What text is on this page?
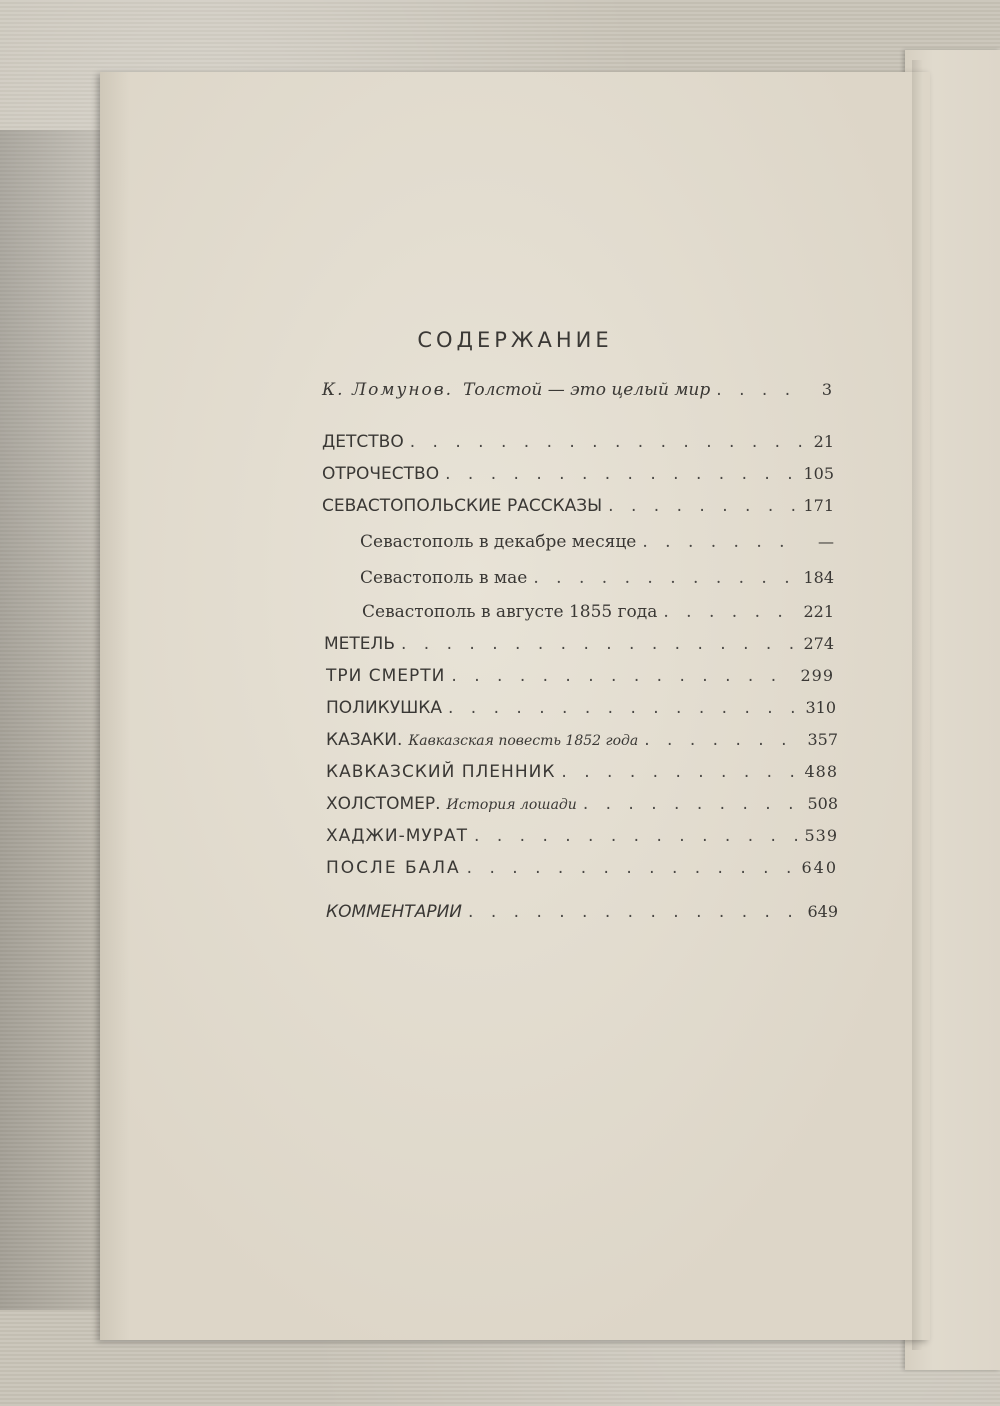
СОДЕРЖАНИЕ
К. Ломунов. Толстой — это целый мир . . .	3
ДЕТСТВО . . .	21
ОТРОЧЕСТВО . . .	105
СЕВАСТОПОЛЬСКИЕ РАССКАЗЫ . . .	171
Севастополь в декабре месяце . . .	—
Севастополь в мае . . .	184
Севастополь в августе 1855 года . . .	221
МЕТЕЛЬ . . .	274
ТРИ СМЕРТИ . . .	299
ПОЛИКУШКА . . .	310
КАЗАКИ. Кавказская повесть 1852 года . . .	357
КАВКАЗСКИЙ ПЛЕННИК . . .	488
ХОЛСТОМЕР. История лошади . . .	508
ХАДЖИ-МУРАТ . . .	539
ПОСЛЕ БАЛА . . .	640
КОММЕНТАРИИ . . .	649
